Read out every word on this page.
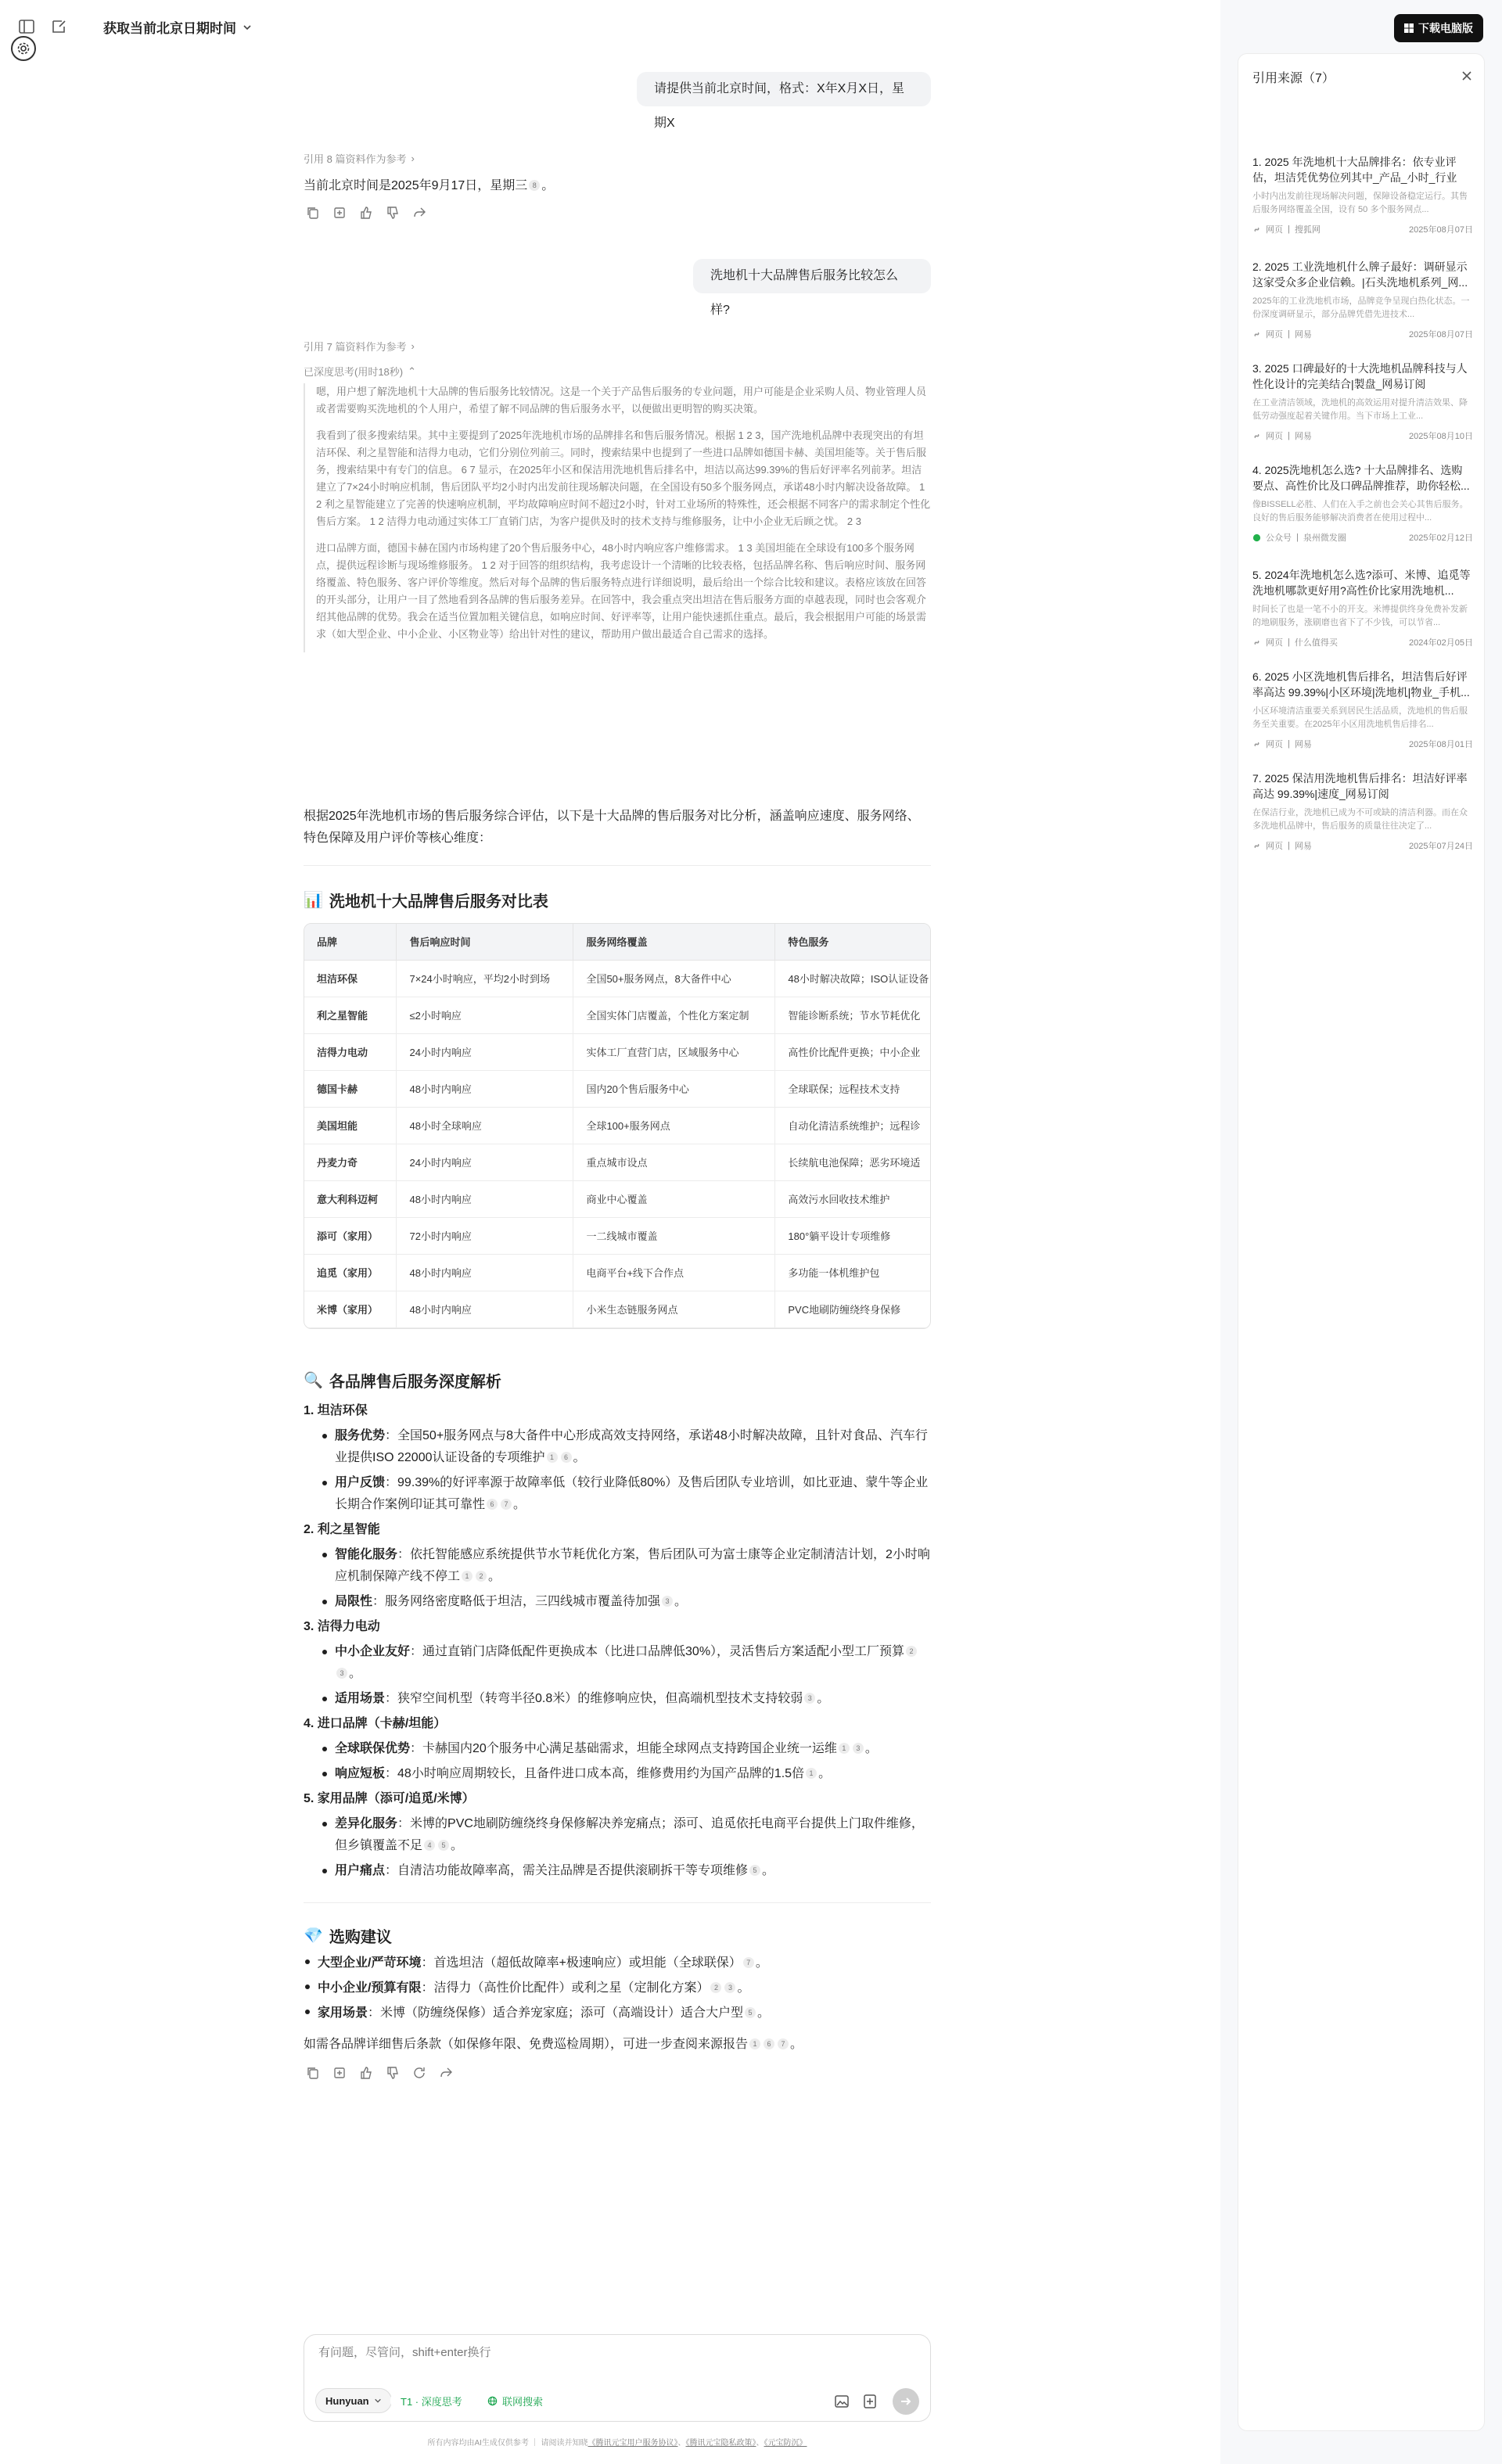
获取当前北京日期时间
请提供当前北京时间，格式：X年X月X日，星期X
引用 8 篇资料作为参考 ›
当前北京时间是2025年9月17日，星期三 8 。
洗地机十大品牌售后服务比较怎么样?
引用 7 篇资料作为参考 ›
已深度思考(用时18秒) ⌃

嗯，用户想了解洗地机十大品牌的售后服务比较情况。这是一个关于产品售后服务的专业问题，用户可能是企业采购人员、物业管理人员或者需要购买洗地机的个人用户，希望了解不同品牌的售后服务水平，以便做出更明智的购买决策。

我看到了很多搜索结果。其中主要提到了2025年洗地机市场的品牌排名和售后服务情况。根据 1 2 3，国产洗地机品牌中表现突出的有坦洁环保、利之星智能和洁得力电动，它们分别位列前三。同时，搜索结果中也提到了一些进口品牌如德国卡赫、美国坦能等。关于售后服务，搜索结果中有专门的信息。 6 7 显示，在2025年小区和保洁用洗地机售后排名中，坦洁以高达99.39%的售后好评率名列前茅。坦洁建立了7×24小时响应机制，售后团队平均2小时内出发前往现场解决问题，在全国设有50多个服务网点，承诺48小时内解决设备故障。 1 2 利之星智能建立了完善的快速响应机制，平均故障响应时间不超过2小时，针对工业场所的特殊性，还会根据不同客户的需求制定个性化售后方案。 1 2 洁得力电动通过实体工厂直销门店，为客户提供及时的技术支持与维修服务，让中小企业无后顾之忧。 2 3

进口品牌方面，德国卡赫在国内市场构建了20个售后服务中心，48小时内响应客户维修需求。 1 3 美国坦能在全球设有100多个服务网点，提供远程诊断与现场维修服务。 1 2 对于回答的组织结构，我考虑设计一个清晰的比较表格，包括品牌名称、售后响应时间、服务网络覆盖、特色服务、客户评价等维度。然后对每个品牌的售后服务特点进行详细说明，最后给出一个综合比较和建议。表格应该放在回答的开头部分，让用户一目了然地看到各品牌的售后服务差异。在回答中，我会重点突出坦洁在售后服务方面的卓越表现，同时也会客观介绍其他品牌的优势。我会在适当位置加粗关键信息，如响应时间、好评率等，让用户能快速抓住重点。最后，我会根据用户可能的场景需求（如大型企业、中小企业、小区物业等）给出针对性的建议，帮助用户做出最适合自己需求的选择。

根据2025年洗地机市场的售后服务综合评估，以下是十大品牌的售后服务对比分析，涵盖响应速度、服务网络、特色保障及用户评价等核心维度：
📊 洗地机十大品牌售后服务对比表
品牌	售后响应时间	服务网络覆盖	特色服务
坦洁环保	7×24小时响应，平均2小时到场	全国50+服务网点，8大备件中心	48小时解决故障；ISO认证设备
利之星智能	≤2小时响应	全国实体门店覆盖，个性化方案定制	智能诊断系统；节水节耗优化
洁得力电动	24小时内响应	实体工厂直营门店，区域服务中心	高性价比配件更换；中小企业
德国卡赫	48小时内响应	国内20个售后服务中心	全球联保；远程技术支持
美国坦能	48小时全球响应	全球100+服务网点	自动化清洁系统维护；远程诊
丹麦力奇	24小时内响应	重点城市设点	长续航电池保障；恶劣环境适
意大利科迈柯	48小时内响应	商业中心覆盖	高效污水回收技术维护
添可（家用）	72小时内响应	一二线城市覆盖	180°躺平设计专项维修
追觅（家用）	48小时内响应	电商平台+线下合作点	多功能一体机维护包
米博（家用）	48小时内响应	小米生态链服务网点	PVC地刷防缠绕终身保修
🔍 各品牌售后服务深度解析
1. 坦洁环保
服务优势：全国50+服务网点与8大备件中心形成高效支持网络，承诺48小时解决故障，且针对食品、汽车行业提供ISO 22000认证设备的专项维护 1 6 。
用户反馈：99.39%的好评率源于故障率低（较行业降低80%）及售后团队专业培训，如比亚迪、蒙牛等企业长期合作案例印证其可靠性 6 7 。
2. 利之星智能
智能化服务：依托智能感应系统提供节水节耗优化方案，售后团队可为富士康等企业定制清洁计划，2小时响应机制保障产线不停工 1 2 。
局限性：服务网络密度略低于坦洁，三四线城市覆盖待加强 3 。
3. 洁得力电动
中小企业友好：通过直销门店降低配件更换成本（比进口品牌低30%），灵活售后方案适配小型工厂预算 23 。
适用场景：狭窄空间机型（转弯半径0.8米）的维修响应快，但高端机型技术支持较弱 3 。
4. 进口品牌（卡赫/坦能）
全球联保优势：卡赫国内20个服务中心满足基础需求，坦能全球网点支持跨国企业统一运维 1 3 。
响应短板：48小时响应周期较长，且备件进口成本高，维修费用约为国产品牌的1.5倍 1 。
5. 家用品牌（添可/追觅/米博）
差异化服务：米博的PVC地刷防缠绕终身保修解决养宠痛点；添可、追觅依托电商平台提供上门取件维修，但乡镇覆盖不足 4 5 。
用户痛点：自清洁功能故障率高，需关注品牌是否提供滚刷拆干等专项维修 5 。
💎 选购建议
大型企业/严苛环境：首选坦洁（超低故障率+极速响应）或坦能（全球联保） 7 。
中小企业/预算有限：洁得力（高性价比配件）或利之星（定制化方案） 2 3 。
家用场景：米博（防缠绕保修）适合养宠家庭；添可（高端设计）适合大户型 5 。
如需各品牌详细售后条款（如保修年限、免费巡检周期），可进一步查阅来源报告 1 6 7 。
有问题，尽管问，shift+enter换行
Hunyuan	T1 · 深度思考	联网搜索
所有内容均由AI生成仅供参考 ｜ 请阅读并知晓《腾讯元宝用户服务协议》、《腾讯元宝隐私政策》、《元宝防沉》
下载电脑版
引用来源（7）
1. 2025 年洗地机十大品牌排名：依专业评估，坦洁凭优势位列其中_产品_小时_行业
小时内出发前往现场解决问题，保障设备稳定运行。其售后服务网络覆盖全国，设有 50 多个服务网点...
网页 | 搜狐网	2025年08月07日
2. 2025 工业洗地机什么牌子最好：调研显示这家受众多企业信赖。|石头洗地机系列_网...
2025年的工业洗地机市场，品牌竞争呈现白热化状态。一份深度调研显示，部分品牌凭借先进技术...
网页 | 网易	2025年08月07日
3. 2025 口碑最好的十大洗地机品牌科技与人性化设计的完美结合|製盘_网易订阅
在工业清洁领域，洗地机的高效运用对提升清洁效果、降低劳动强度起着关键作用。当下市场上工业...
网页 | 网易	2025年08月10日
4. 2025洗地机怎么选? 十大品牌排名、选购要点、高性价比及口碑品牌推荐，助你轻松...
像BISSELL必胜、人们在入手之前也会关心其售后服务。良好的售后服务能够解决消费者在使用过程中...
公众号 | 泉州微发圈	2025年02月12日
5. 2024年洗地机怎么选?添可、米博、追觅等洗地机哪款更好用?高性价比家用洗地机...
时间长了也是一笔不小的开支。米博提供终身免费补发新的地刷服务，涨刷磨也省下了不少钱，可以节省...
网页 | 什么值得买	2024年02月05日
6. 2025 小区洗地机售后排名，坦洁售后好评率高达 99.39%|小区环境|洗地机|物业_手机...
小区环境清洁重要关系到居民生活品质，洗地机的售后服务至关重要。在2025年小区用洗地机售后排名...
网页 | 网易	2025年08月01日
7. 2025 保洁用洗地机售后排名：坦洁好评率高达 99.39%|速度_网易订阅
在保洁行业，洗地机已成为不可或缺的清洁利器。而在众多洗地机品牌中，售后服务的质量往往决定了...
网页 | 网易	2025年07月24日
